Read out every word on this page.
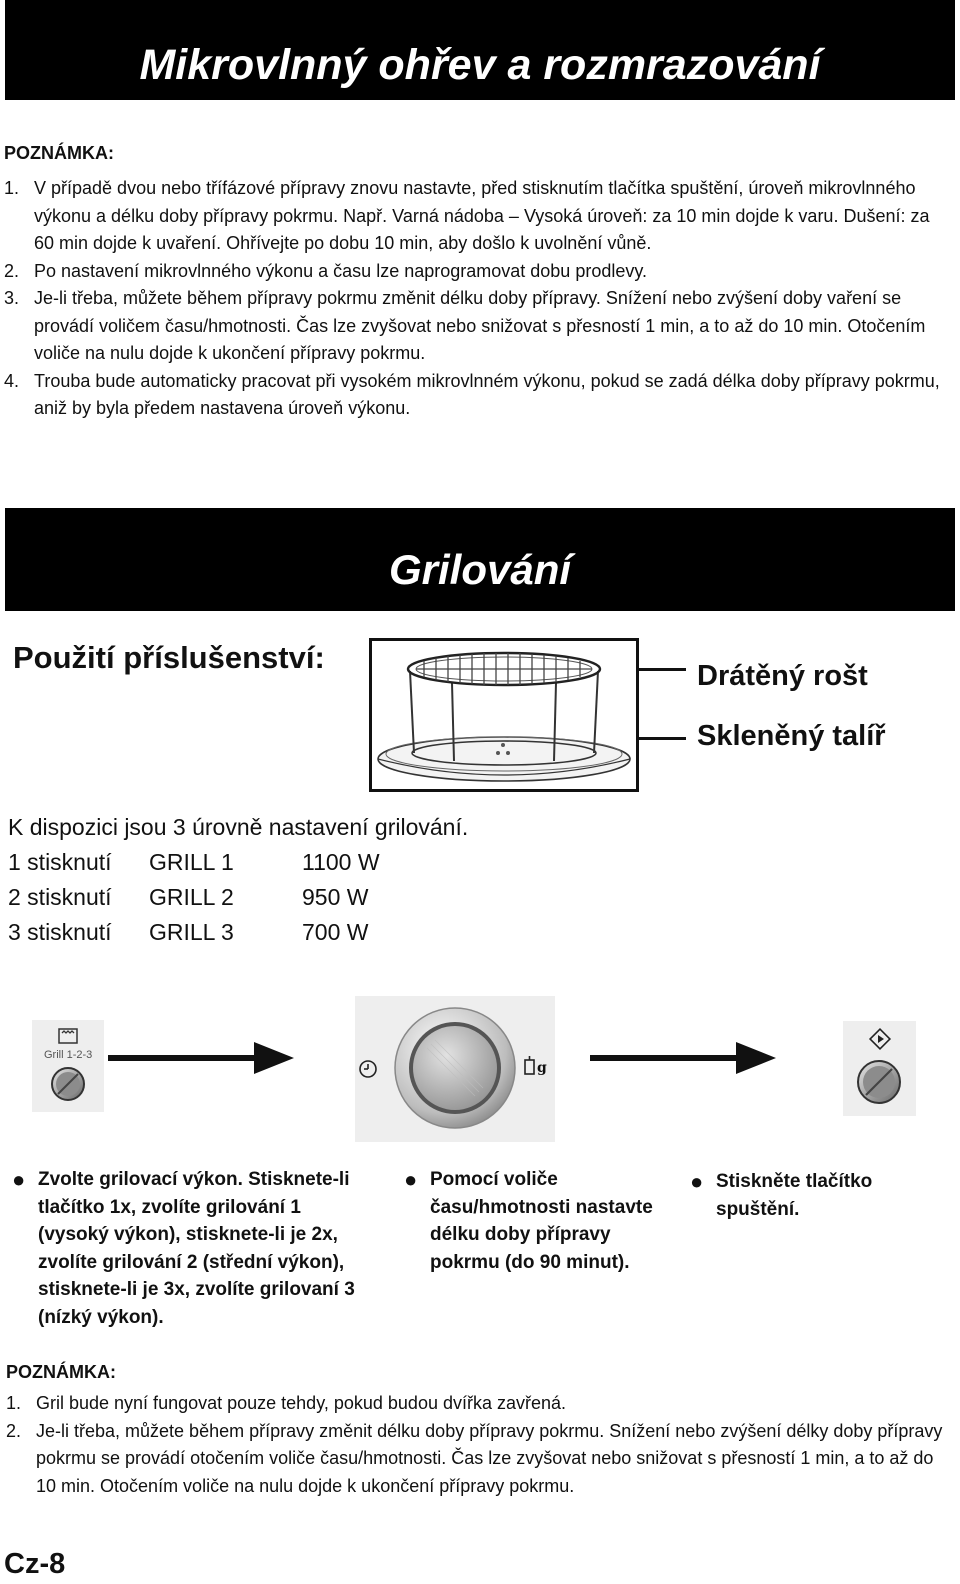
Mikrovlnný ohřev a rozmrazování
POZNÁMKA:
1. V případě dvou nebo třífázové přípravy znovu nastavte, před stisknutím tlačítka spuštění, úroveň mikrovlnného výkonu a délku doby přípravy pokrmu. Např. Varná nádoba – Vysoká úroveň: za 10 min dojde k varu. Dušení: za 60 min dojde k uvaření. Ohřívejte po dobu 10 min, aby došlo k uvolnění vůně.
2. Po nastavení mikrovlnného výkonu a času lze naprogramovat dobu prodlevy.
3. Je-li třeba, můžete během přípravy pokrmu změnit délku doby přípravy. Snížení nebo zvýšení doby vaření se provádí voličem času/hmotnosti. Čas lze zvyšovat nebo snižovat s přesností 1 min, a to až do 10 min. Otočením voliče na nulu dojde k ukončení přípravy pokrmu.
4. Trouba bude automaticky pracovat při vysokém mikrovlnném výkonu, pokud se zadá délka doby přípravy pokrmu, aniž by byla předem nastavena úroveň výkonu.
Grilování
Použití příslušenství:
Drátěný rošt
Skleněný talíř
K dispozici jsou 3 úrovně nastavení grilování.
1 stisknutí GRILL 1	1100 W
2 stisknutí GRILL 2	950 W
3 stisknutí GRILL 3	700 W
Grill 1-2-3
g
● Zvolte grilovací výkon. Stisknete-li tlačítko 1x, zvolíte grilování 1 (vysoký výkon), stisknete-li je 2x, zvolíte grilování 2 (střední výkon), stisknete-li je 3x, zvolíte grilovaní 3 (nízký výkon).
● Pomocí voliče času/hmotnosti nastavte délku doby přípravy pokrmu (do 90 minut).
● Stiskněte tlačítko spuštění.
POZNÁMKA:
1. Gril bude nyní fungovat pouze tehdy, pokud budou dvířka zavřená.
2. Je-li třeba, můžete během přípravy změnit délku doby přípravy pokrmu. Snížení nebo zvýšení délky doby přípravy pokrmu se provádí otočením voliče času/hmotnosti. Čas lze zvyšovat nebo snižovat s přesností 1 min, a to až do 10 min. Otočením voliče na nulu dojde k ukončení přípravy pokrmu.
Cz-8
